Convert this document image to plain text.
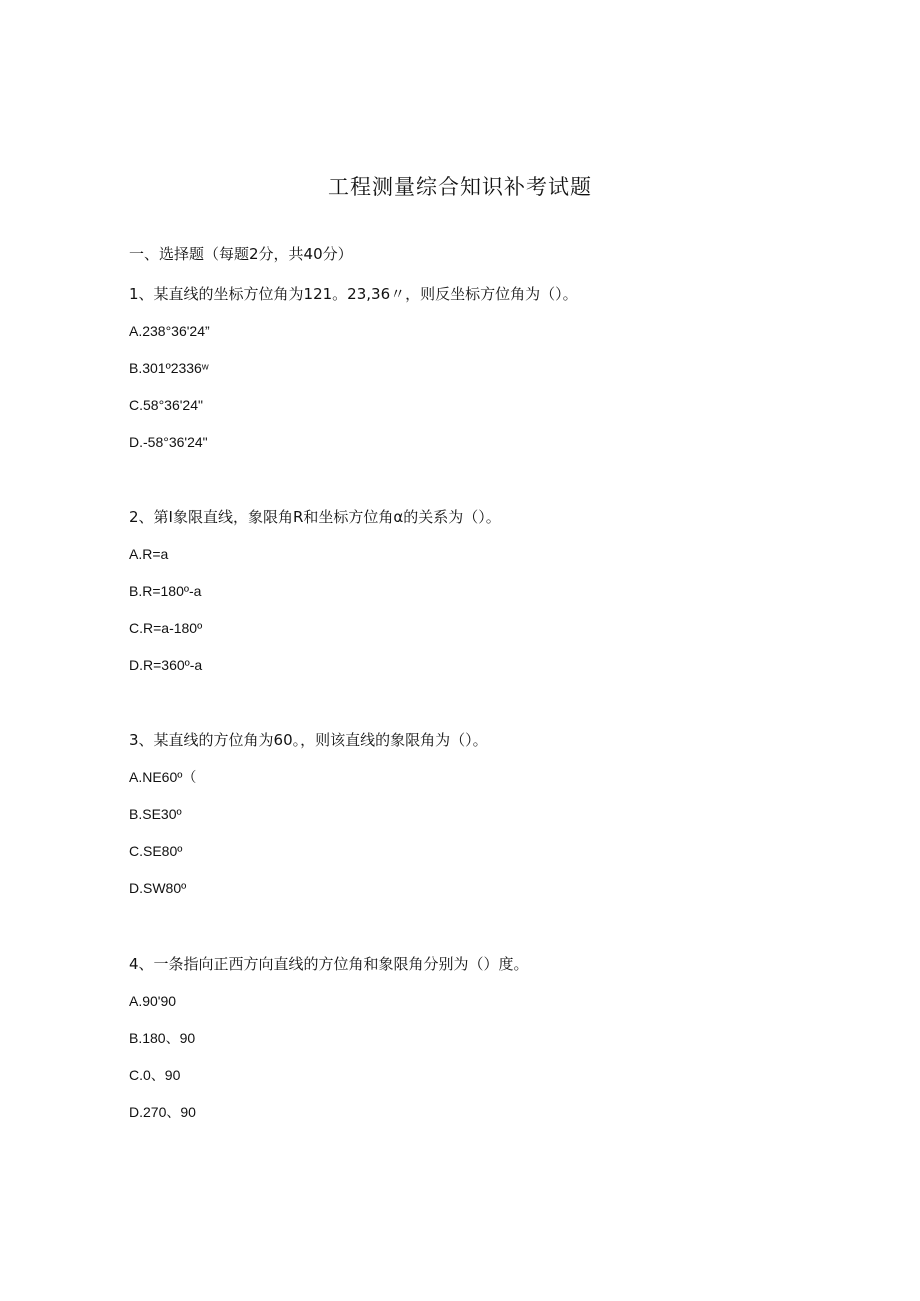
工程测量综合知识补考试题
一、选择题（每题2分，共40分）
1、某直线的坐标方位角为121。23,36〃，则反坐标方位角为（）。
A.238°36'24”
B.301º2336ʷ
C.58°36'24"
D.-58°36'24"
2、第I象限直线，象限角R和坐标方位角α的关系为（）。
A.R=a
B.R=180º-a
C.R=a-180º
D.R=360º-a
3、某直线的方位角为60。，则该直线的象限角为（）。
A.NE60º（
B.SE30º
C.SE80º
D.SW80º
4、一条指向正西方向直线的方位角和象限角分别为（）度。
A.90'90
B.180、90
C.0、90
D.270、90
